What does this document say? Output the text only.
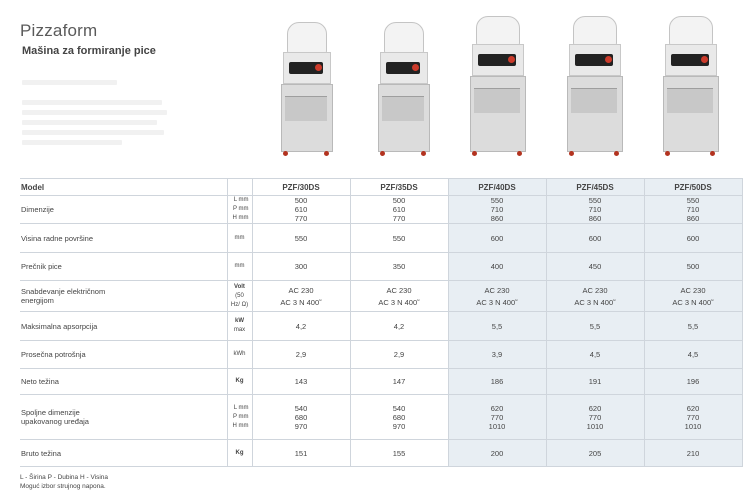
Pizzaform
Mašina za formiranje pice
Model		PZF/30DS	PZF/35DS	PZF/40DS	PZF/45DS	PZF/50DS
Dimenzije	L mm
P mm
H mm	500
610
770	500
610
770	550
710
860	550
710
860	550
710
860

Visina radne površine	mm	550	550	600	600	600

Prečnik pice	mm	300	350	400	450	500

Snabdevanje električnom energijom	Volt
(50
Hz/ Ω)	AC 230
AC 3 N 400˜	AC 230
AC 3 N 400˜	AC 230
AC 3 N 400˜	AC 230
AC 3 N 400˜	AC 230
AC 3 N 400˜

Maksimalna apsorpcija	kW
max	4,2	4,2	5,5	5,5	5,5

Prosečna potrošnja	kWh	2,9	2,9	3,9	4,5	4,5

Neto težina	Kg	143	147	186	191	196

Spoljne dimenzije upakovanog uređaja	L mm
P mm
H mm	540
680
970	540
680
970	620
770
1010	620
770
1010	620
770
1010

Bruto težina	Kg	151	155	200	205	210
L - Širina P - Dubina H - Visina
Moguć izbor strujnog napona.
